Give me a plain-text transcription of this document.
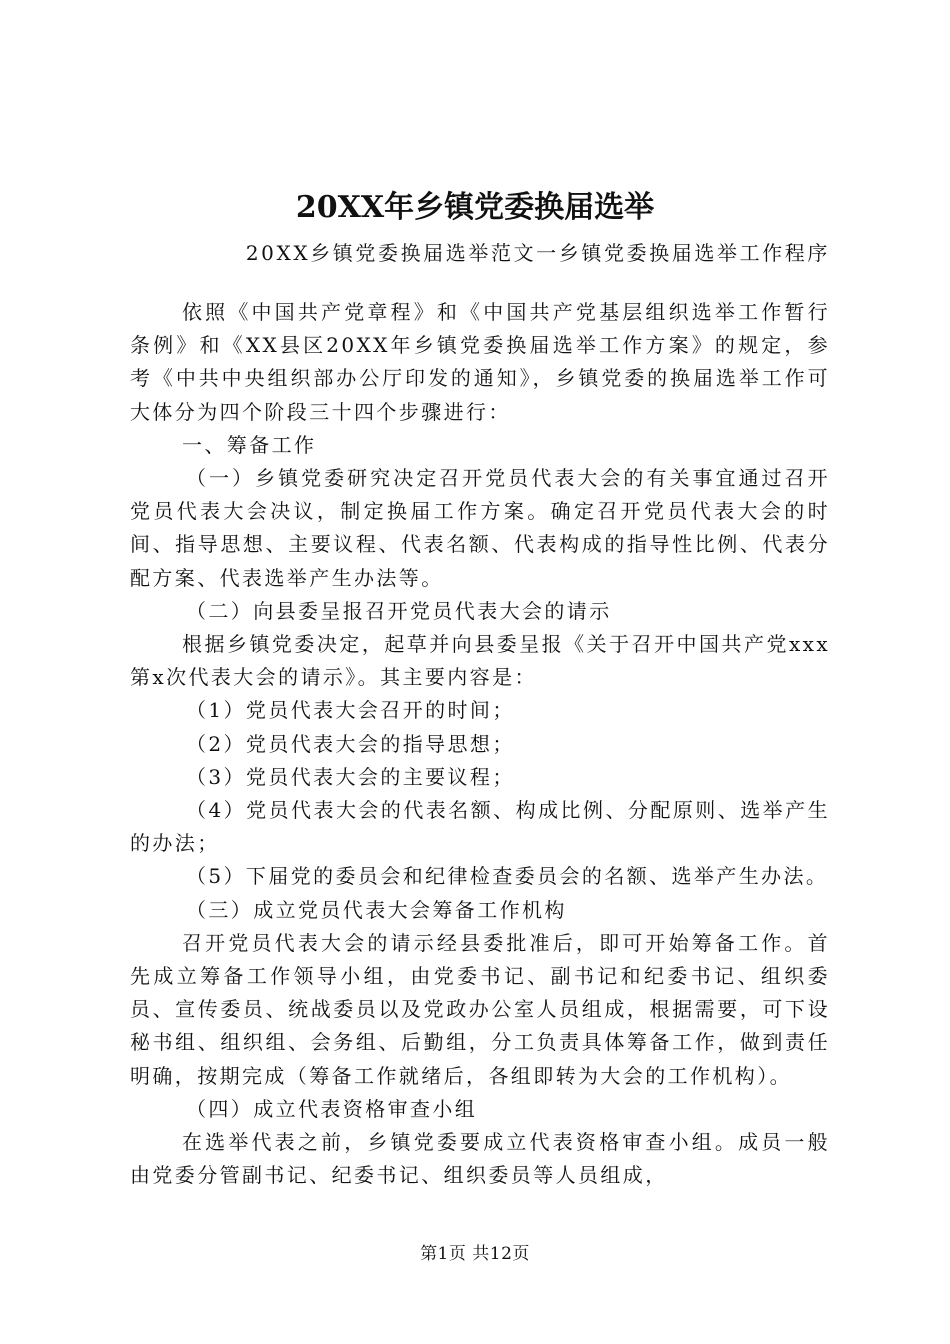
20XX年乡镇党委换届选举
20XX乡镇党委换届选举范文一乡镇党委换届选举工作程序

依照《中国共产党章程》和《中国共产党基层组织选举工作暂行条例》和《XX县区20XX年乡镇党委换届选举工作方案》的规定，参考《中共中央组织部办公厅印发的通知》，乡镇党委的换届选举工作可大体分为四个阶段三十四个步骤进行：

一、筹备工作

（一）乡镇党委研究决定召开党员代表大会的有关事宜通过召开党员代表大会决议，制定换届工作方案。确定召开党员代表大会的时间、指导思想、主要议程、代表名额、代表构成的指导性比例、代表分配方案、代表选举产生办法等。

（二）向县委呈报召开党员代表大会的请示

根据乡镇党委决定，起草并向县委呈报《关于召开中国共产党xxx第x次代表大会的请示》。其主要内容是：

（1）党员代表大会召开的时间；

（2）党员代表大会的指导思想；

（3）党员代表大会的主要议程；

（4）党员代表大会的代表名额、构成比例、分配原则、选举产生的办法；

（5）下届党的委员会和纪律检查委员会的名额、选举产生办法。

（三）成立党员代表大会筹备工作机构

召开党员代表大会的请示经县委批准后，即可开始筹备工作。首先成立筹备工作领导小组，由党委书记、副书记和纪委书记、组织委员、宣传委员、统战委员以及党政办公室人员组成，根据需要，可下设秘书组、组织组、会务组、后勤组，分工负责具体筹备工作，做到责任明确，按期完成（筹备工作就绪后，各组即转为大会的工作机构）。

（四）成立代表资格审查小组

在选举代表之前，乡镇党委要成立代表资格审查小组。成员一般由党委分管副书记、纪委书记、组织委员等人员组成，

第1页 共12页
